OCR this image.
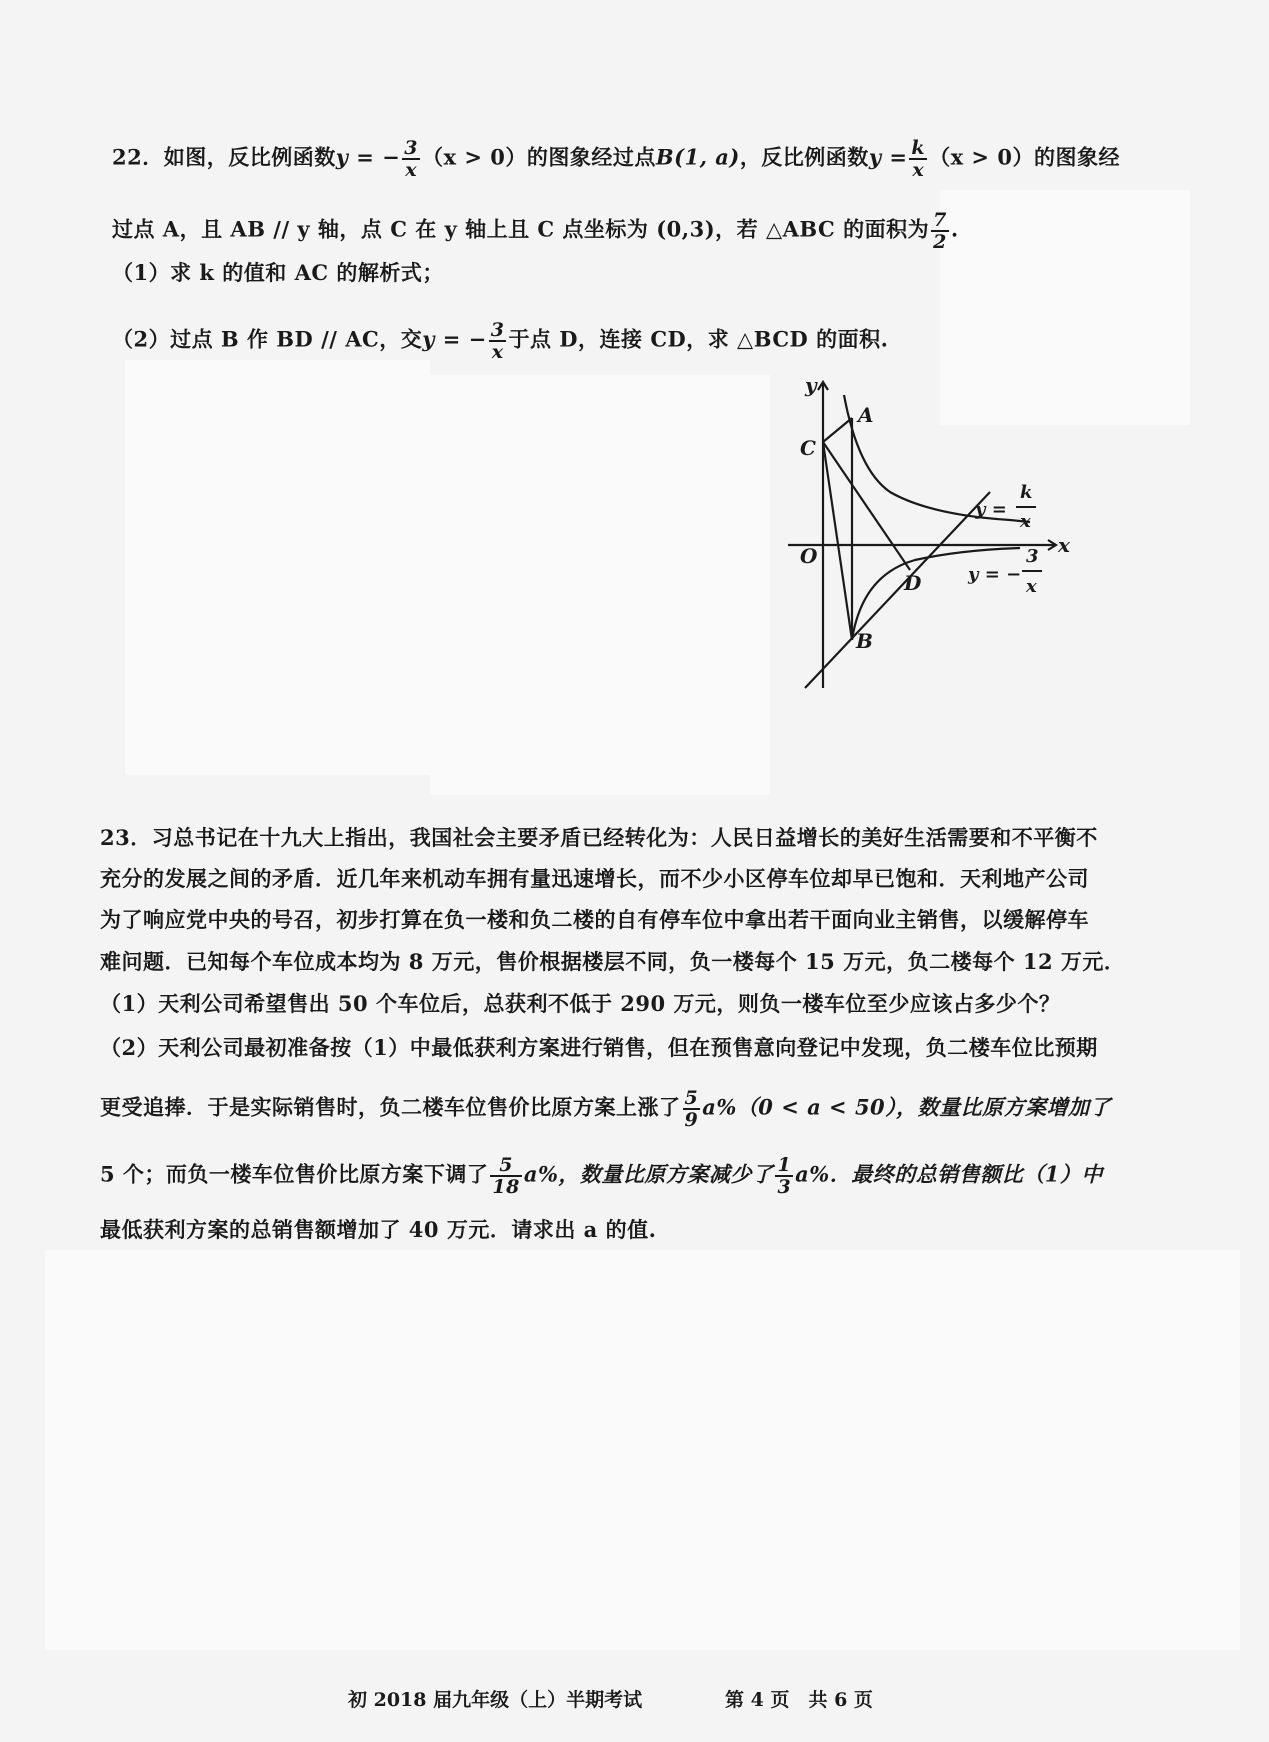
22．如图，反比例函数y = − $\frac{3}{x} (x > 0)$的图象经过点B(1, a)，反比例函数$y = \frac{k}{x} (x > 0)$的图象经
过点 A，且 AB // y 轴，点 C 在 y 轴上且 C 点坐标为 (0,3)，若 △ABC 的面积为 $\frac{7}{2}$ .
（1）求 k 的值和 AC 的解析式；
（2）过点 B 作 BD // AC，交y = − $\frac{3}{x}$ 于点 D，连接 CD，求 △BCD 的面积.
y
x
O
A
B
C
D
y =
k
x
y = −
3
x
23．习总书记在十九大上指出，我国社会主要矛盾已经转化为：人民日益增长的美好生活需要和不平衡不
充分的发展之间的矛盾．近几年来机动车拥有量迅速增长，而不少小区停车位却早已饱和．天利地产公司
为了响应党中央的号召，初步打算在负一楼和负二楼的自有停车位中拿出若干面向业主销售，以缓解停车
难问题．已知每个车位成本均为 8 万元，售价根据楼层不同，负一楼每个 15 万元，负二楼每个 12 万元．
（1）天利公司希望售出 50 个车位后，总获利不低于 290 万元，则负一楼车位至少应该占多少个？
（2）天利公司最初准备按（1）中最低获利方案进行销售，但在预售意向登记中发现，负二楼车位比预期
更受追捧．于是实际销售时，负二楼车位售价比原方案上涨了 $\frac{5}{9} a\%(0 < a < 50)$，数量比原方案增加了
5 个；而负一楼车位售价比原方案下调了 $\frac{5}{18} a\%$，数量比原方案减少了 $\frac{1}{3} a\%$．最终的总销售额比（1）中
最低获利方案的总销售额增加了 40 万元．请求出 a 的值.
初 2018 届九年级（上）半期考试	第 4 页　共 6 页
